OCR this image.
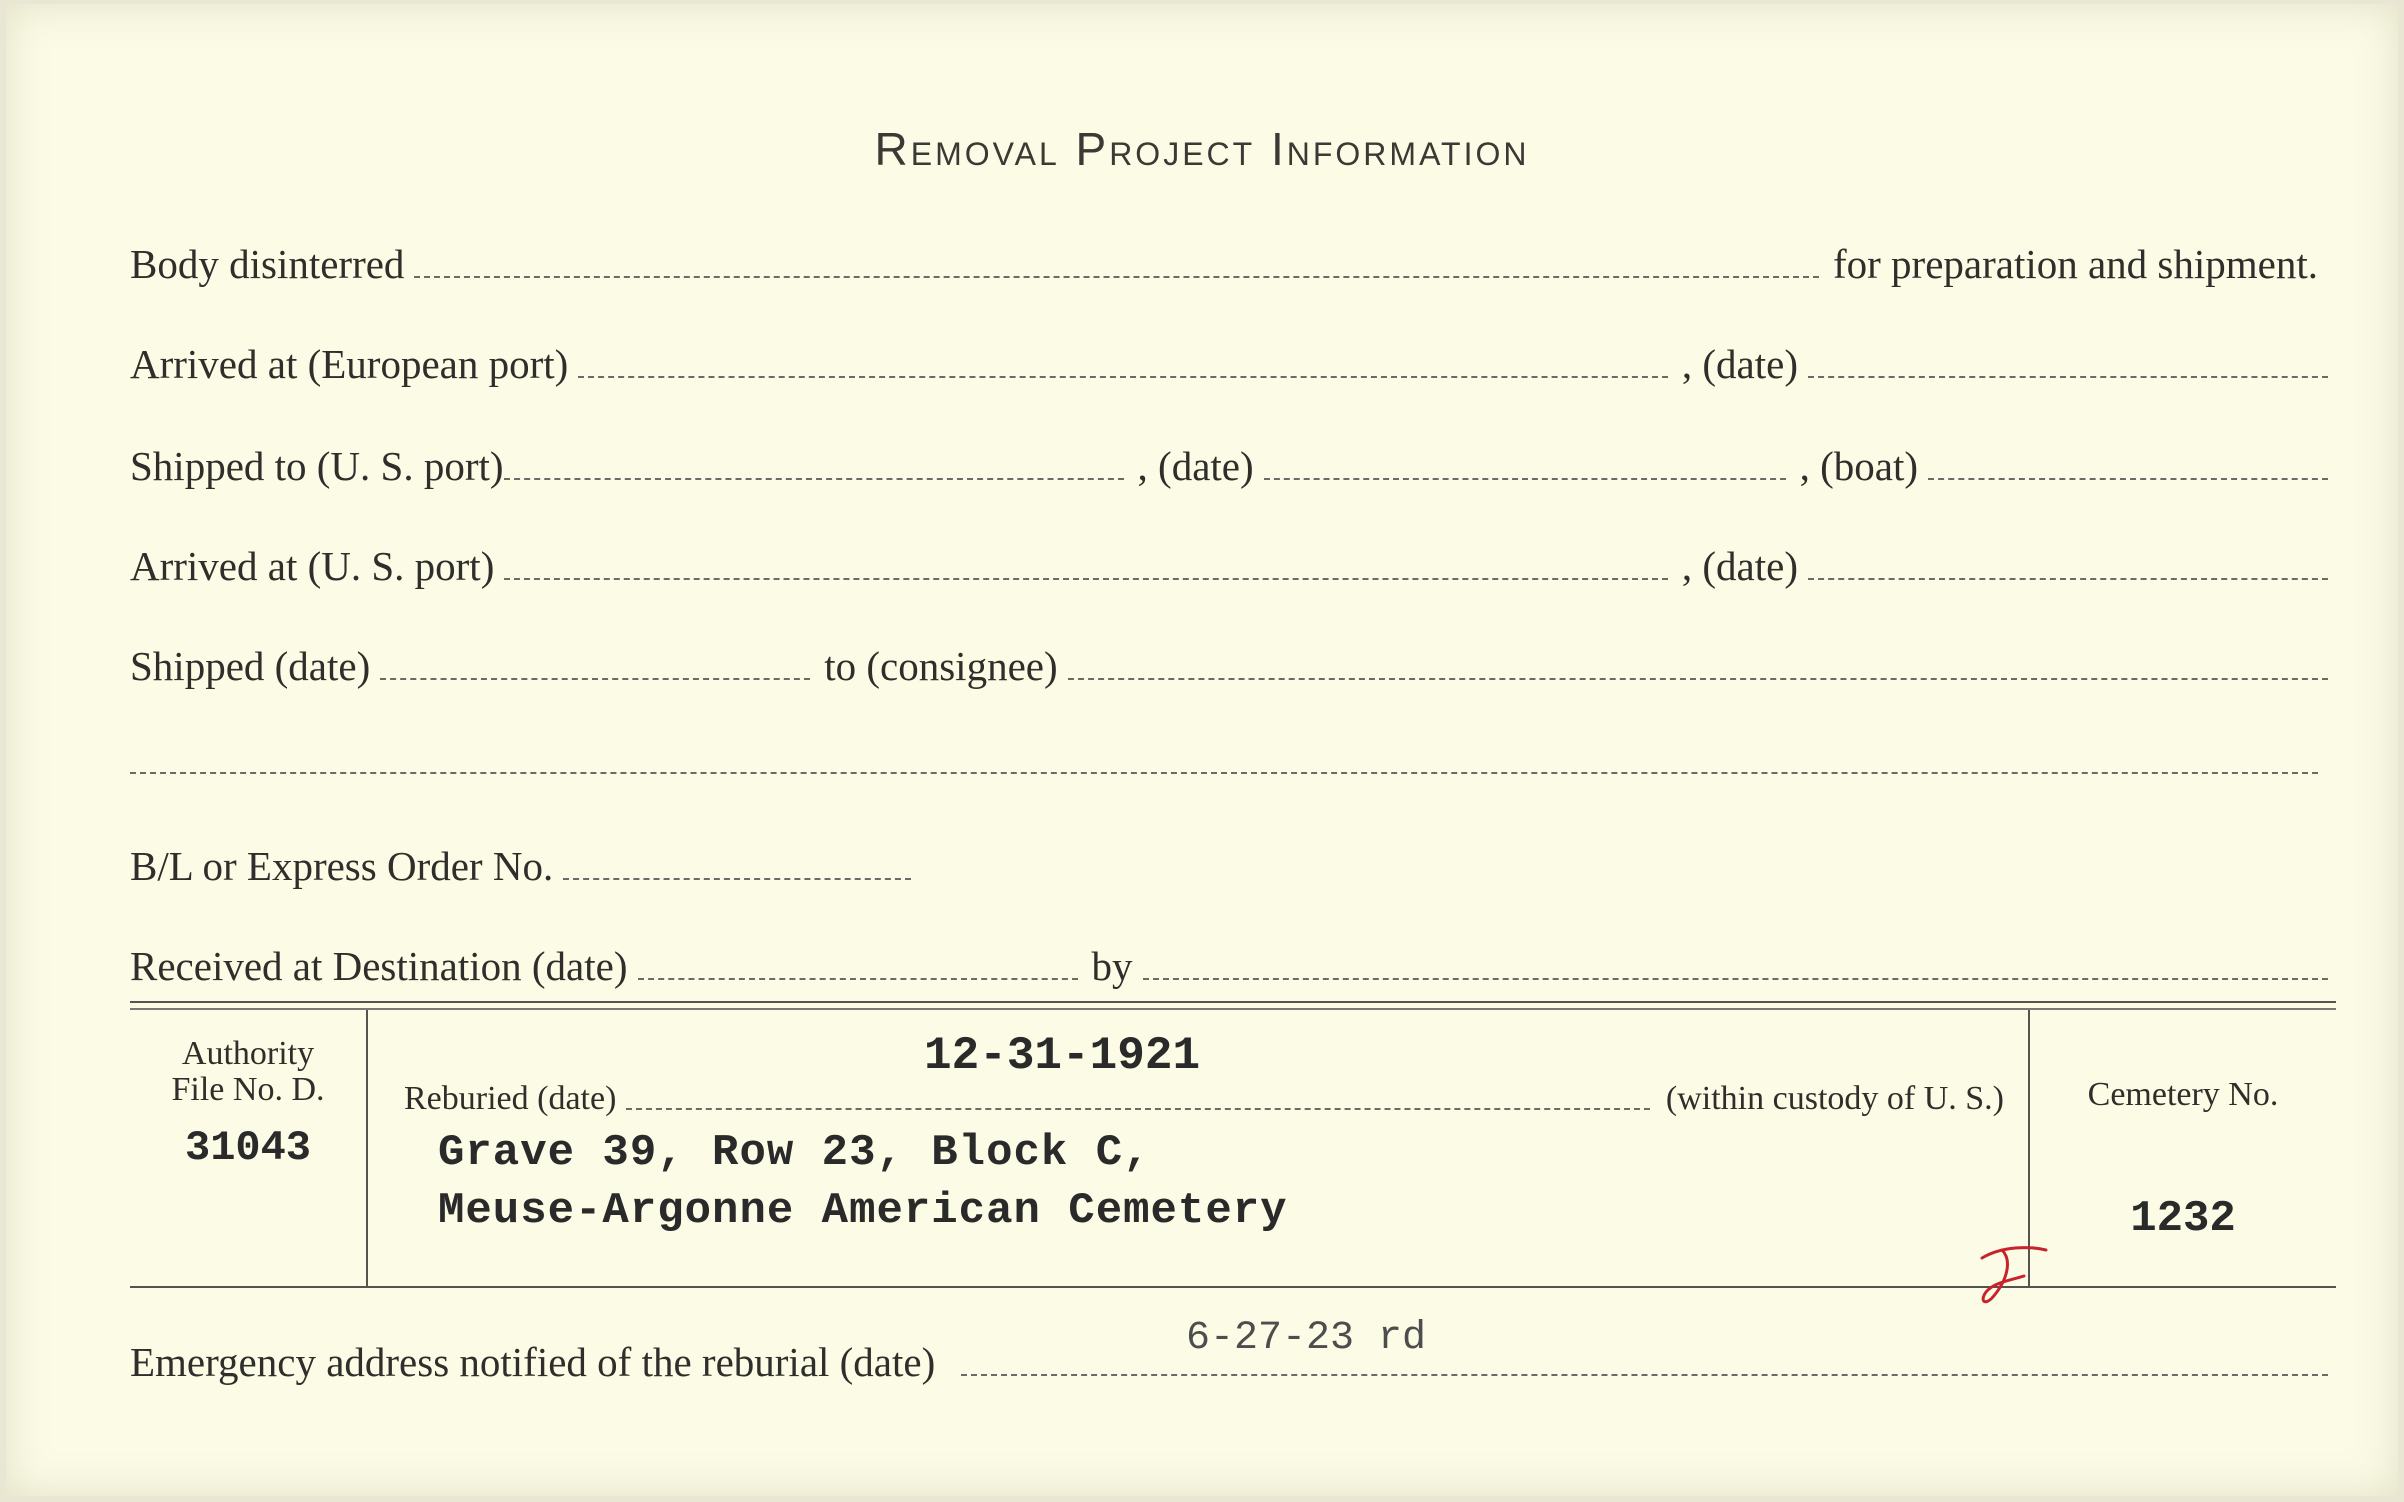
Removal Project Information
Body disinterred	for preparation and shipment.
Arrived at (European port)	, (date)
Shipped to (U. S. port)	, (date)	, (boat)
Arrived at (U. S. port)	, (date)
Shipped (date)	to (consignee)
B/L or Express Order No.
Received at Destination (date)	by
Authority
File No. D.
31043
12-31-1921
Reburied (date)	(within custody of U. S.)
Grave 39, Row 23, Block C,
Meuse-Argonne American Cemetery
Cemetery No.
1232
Emergency address notified of the reburial (date)
6-27-23 rd
